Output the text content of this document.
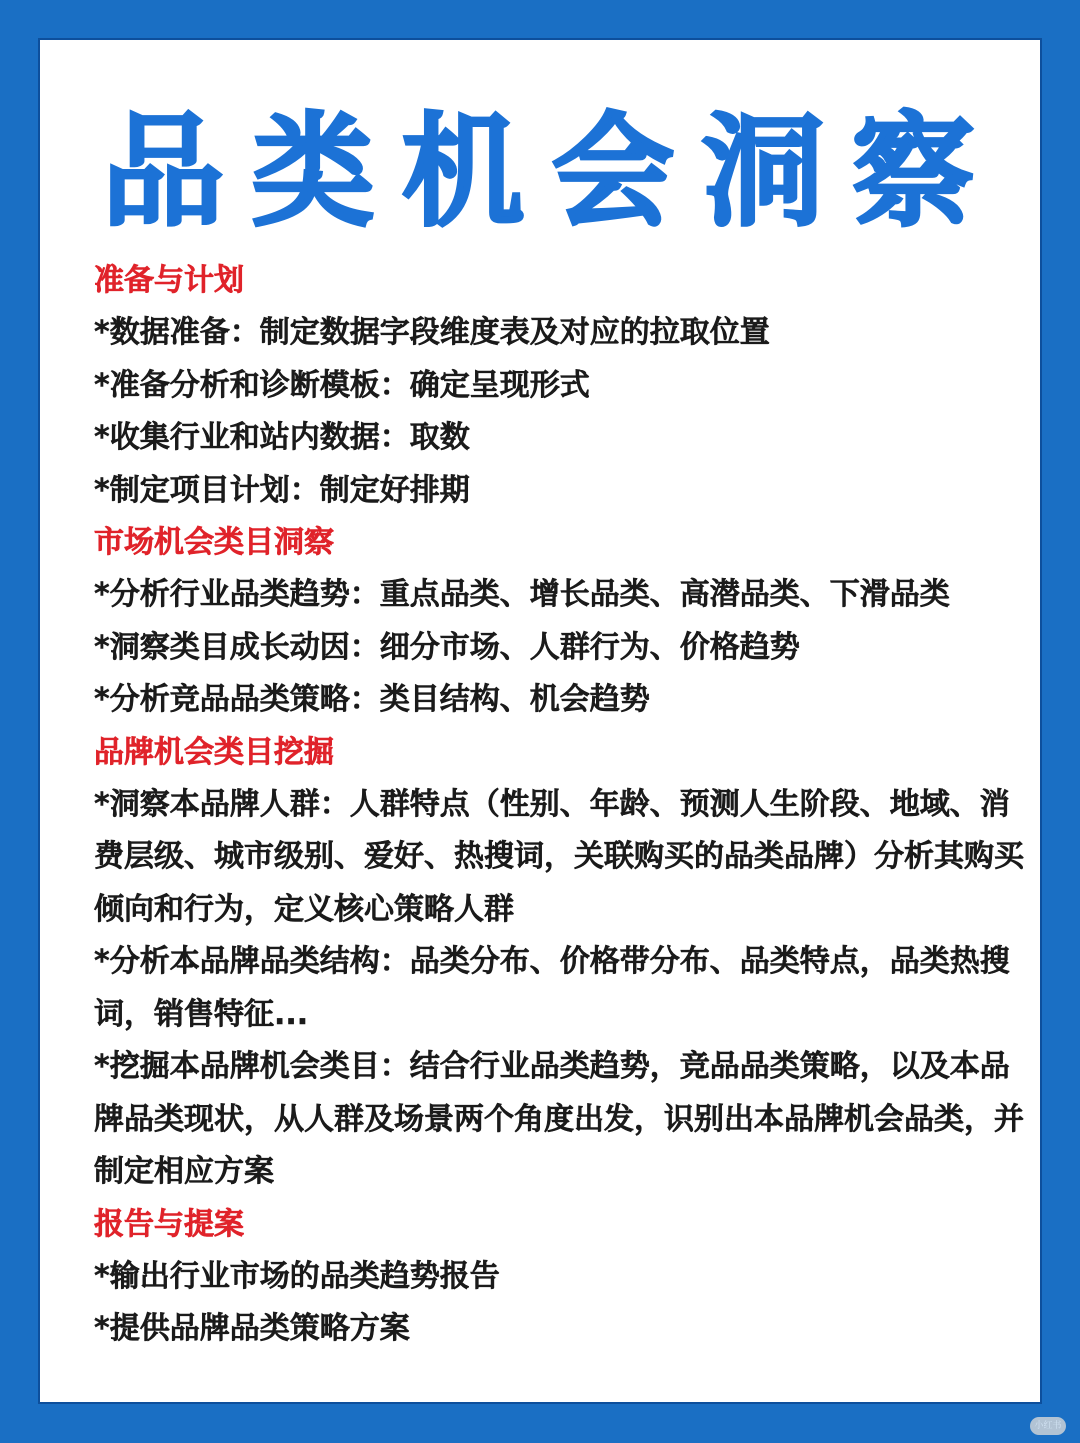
品类机会洞察
准备与计划
*数据准备：制定数据字段维度表及对应的拉取位置
*准备分析和诊断模板：确定呈现形式
*收集行业和站内数据：取数
*制定项目计划：制定好排期
市场机会类目洞察
*分析行业品类趋势：重点品类、增长品类、高潜品类、下滑品类
*洞察类目成长动因：细分市场、人群行为、价格趋势
*分析竞品品类策略：类目结构、机会趋势
品牌机会类目挖掘
*洞察本品牌人群：人群特点（性别、年龄、预测人生阶段、地域、消费层级、城市级别、爱好、热搜词，关联购买的品类品牌）分析其购买倾向和行为，定义核心策略人群
*分析本品牌品类结构：品类分布、价格带分布、品类特点，品类热搜词，销售特征...
*挖掘本品牌机会类目：结合行业品类趋势，竞品品类策略，以及本品牌品类现状，从人群及场景两个角度出发，识别出本品牌机会品类，并制定相应方案
报告与提案
*输出行业市场的品类趋势报告
*提供品牌品类策略方案
小红书
